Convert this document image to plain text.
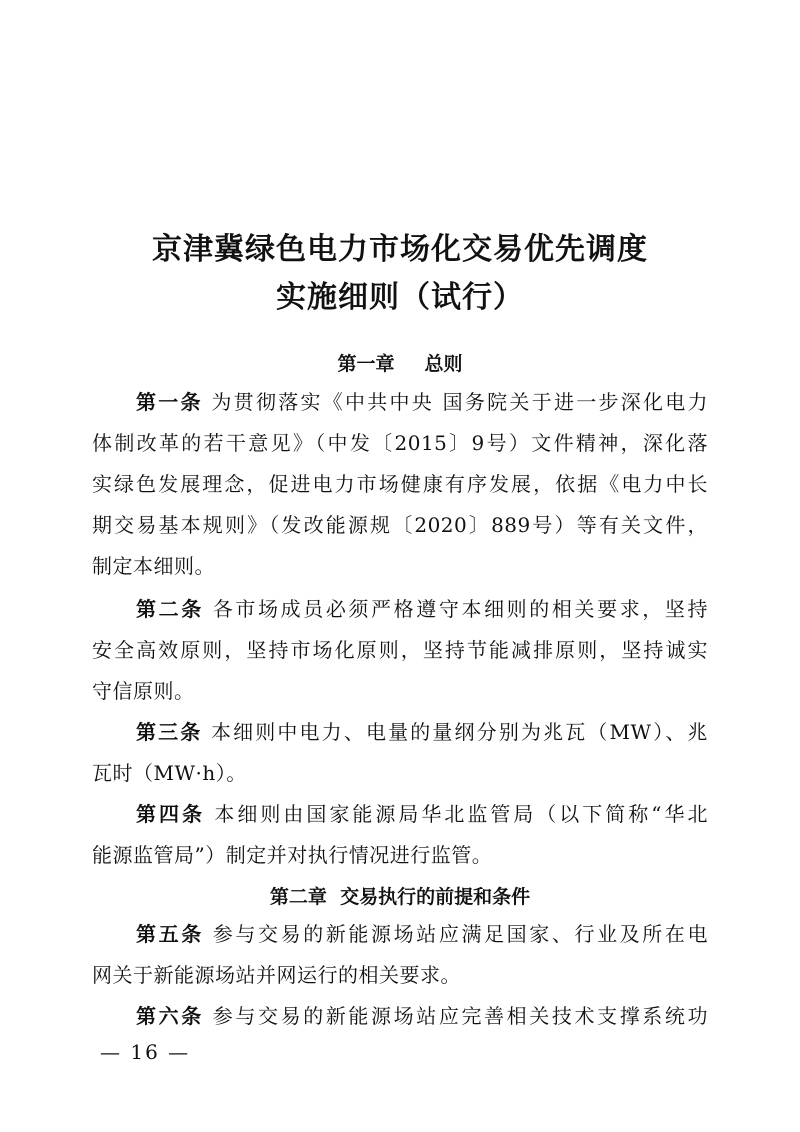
京津冀绿色电力市场化交易优先调度
实施细则（试行）
第一章 总则
第一条 为贯彻落实《中共中央 国务院关于进一步深化电力
体制改革的若干意见》（中发〔2015〕9号）文件精神，深化落
实绿色发展理念，促进电力市场健康有序发展，依据《电力中长
期交易基本规则》（发改能源规〔2020〕889号）等有关文件，
制定本细则。
第二条 各市场成员必须严格遵守本细则的相关要求，坚持
安全高效原则，坚持市场化原则，坚持节能减排原则，坚持诚实
守信原则。
第三条 本细则中电力、电量的量纲分别为兆瓦（MW）、兆
瓦时（MW·h）。
第四条 本细则由国家能源局华北监管局（以下简称“华北
能源监管局”）制定并对执行情况进行监管。
第二章 交易执行的前提和条件
第五条 参与交易的新能源场站应满足国家、行业及所在电
网关于新能源场站并网运行的相关要求。
第六条 参与交易的新能源场站应完善相关技术支撑系统功
— 16 —
